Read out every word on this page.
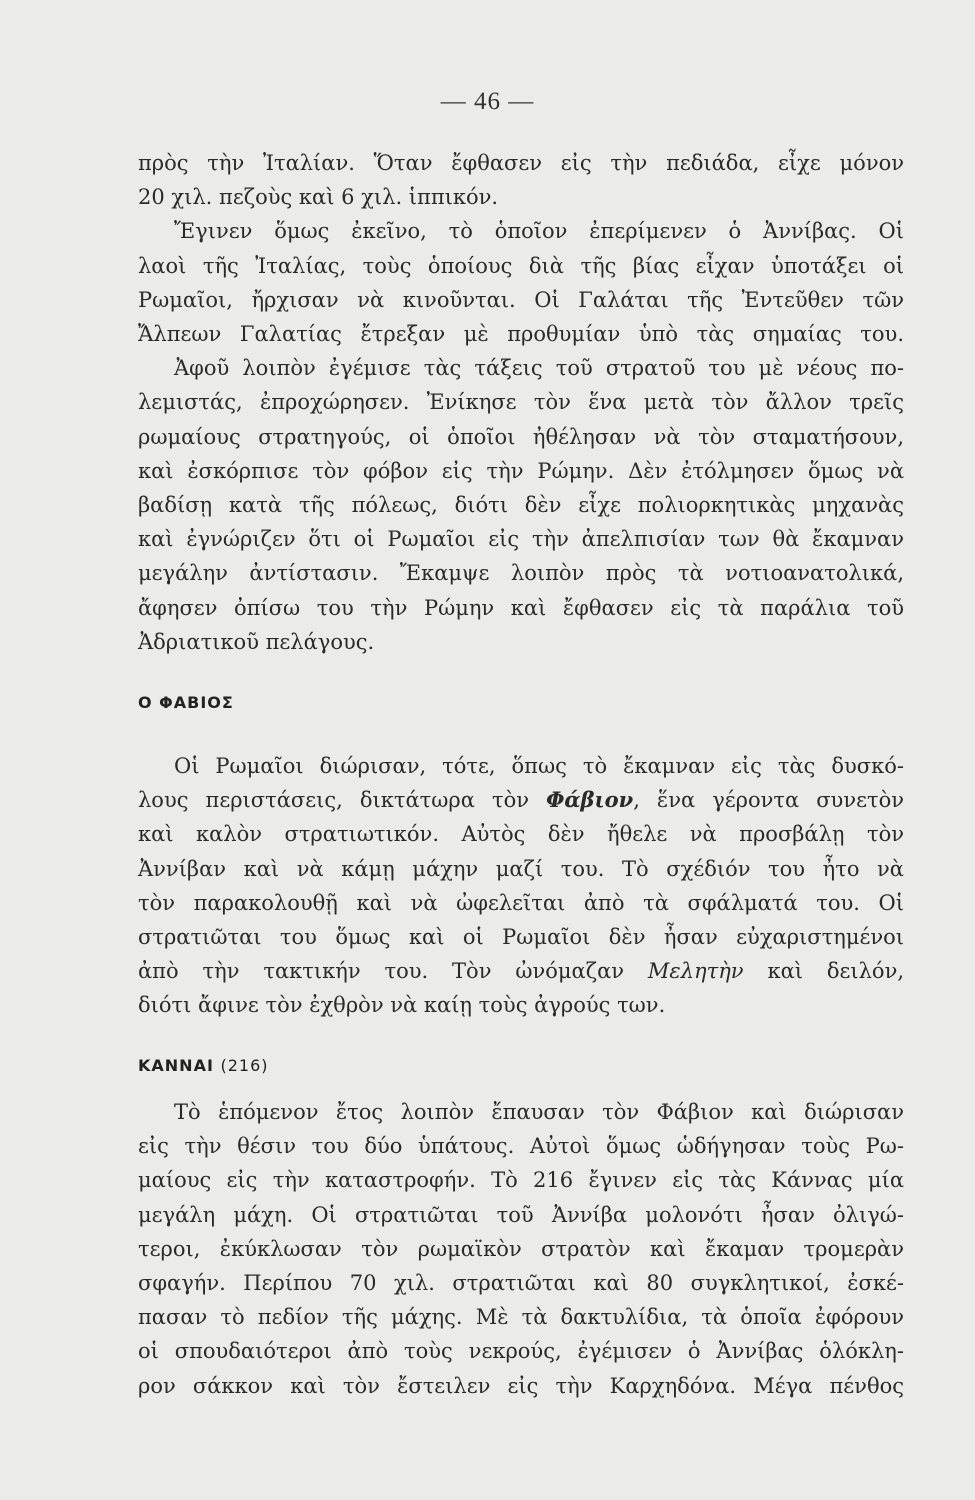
— 46 —
πρὸς τὴν Ἰταλίαν. Ὅταν ἔφθασεν εἰς τὴν πεδιάδα, εἶχε μόνον
20 χιλ. πεζοὺς καὶ 6 χιλ. ἱππικόν.
Ἔγινεν ὅμως ἐκεῖνο, τὸ ὁποῖον ἐπερίμενεν ὁ Ἀννίβας. Οἱ
λαοὶ τῆς Ἰταλίας, τοὺς ὁποίους διὰ τῆς βίας εἶχαν ὑποτάξει οἱ
Ρωμαῖοι, ἤρχισαν νὰ κινοῦνται. Οἱ Γαλάται τῆς Ἐντεῦθεν τῶν
Ἄλπεων Γαλατίας ἔτρεξαν μὲ προθυμίαν ὑπὸ τὰς σημαίας του.
Ἀφοῦ λοιπὸν ἐγέμισε τὰς τάξεις τοῦ στρατοῦ του μὲ νέους πο-
λεμιστάς, ἐπροχώρησεν. Ἐνίκησε τὸν ἕνα μετὰ τὸν ἄλλον τρεῖς
ρωμαίους στρατηγούς, οἱ ὁποῖοι ἠθέλησαν νὰ τὸν σταματήσουν,
καὶ ἐσκόρπισε τὸν φόβον εἰς τὴν Ρώμην. Δὲν ἐτόλμησεν ὅμως νὰ
βαδίσῃ κατὰ τῆς πόλεως, διότι δὲν εἶχε πολιορκητικὰς μηχανὰς
καὶ ἐγνώριζεν ὅτι οἱ Ρωμαῖοι εἰς τὴν ἀπελπισίαν των θὰ ἔκαμναν
μεγάλην ἀντίστασιν. Ἔκαμψε λοιπὸν πρὸς τὰ νοτιοανατολικά,
ἄφησεν ὀπίσω του τὴν Ρώμην καὶ ἔφθασεν εἰς τὰ παράλια τοῦ
Ἀδριατικοῦ πελάγους.
Ο ΦΑΒΙΟΣ
Οἱ Ρωμαῖοι διώρισαν, τότε, ὅπως τὸ ἔκαμναν εἰς τὰς δυσκό-
λους περιστάσεις, δικτάτωρα τὸν Φάβιον, ἕνα γέροντα συνετὸν
καὶ καλὸν στρατιωτικόν. Αὐτὸς δὲν ἤθελε νὰ προσβάλῃ τὸν
Ἀννίβαν καὶ νὰ κάμῃ μάχην μαζί του. Τὸ σχέδιόν του ἦτο νὰ
τὸν παρακολουθῇ καὶ νὰ ὠφελεῖται ἀπὸ τὰ σφάλματά του. Οἱ
στρατιῶται του ὅμως καὶ οἱ Ρωμαῖοι δὲν ἦσαν εὐχαριστημένοι
ἀπὸ τὴν τακτικήν του. Τὸν ὠνόμαζαν Μελητὴν καὶ δειλόν,
διότι ἄφινε τὸν ἐχθρὸν νὰ καίῃ τοὺς ἀγρούς των.
ΚΑΝΝΑΙ (216)
Τὸ ἑπόμενον ἔτος λοιπὸν ἔπαυσαν τὸν Φάβιον καὶ διώρισαν
εἰς τὴν θέσιν του δύο ὑπάτους. Αὐτοὶ ὅμως ὡδήγησαν τοὺς Ρω-
μαίους εἰς τὴν καταστροφήν. Τὸ 216 ἔγινεν εἰς τὰς Κάννας μία
μεγάλη μάχη. Οἱ στρατιῶται τοῦ Ἀννίβα μολονότι ἦσαν ὀλιγώ-
τεροι, ἐκύκλωσαν τὸν ρωμαϊκὸν στρατὸν καὶ ἔκαμαν τρομερὰν
σφαγήν. Περίπου 70 χιλ. στρατιῶται καὶ 80 συγκλητικοί, ἐσκέ-
πασαν τὸ πεδίον τῆς μάχης. Μὲ τὰ δακτυλίδια, τὰ ὁποῖα ἐφόρουν
οἱ σπουδαιότεροι ἀπὸ τοὺς νεκρούς, ἐγέμισεν ὁ Ἀννίβας ὁλόκλη-
ρον σάκκον καὶ τὸν ἔστειλεν εἰς τὴν Καρχηδόνα. Μέγα πένθος
